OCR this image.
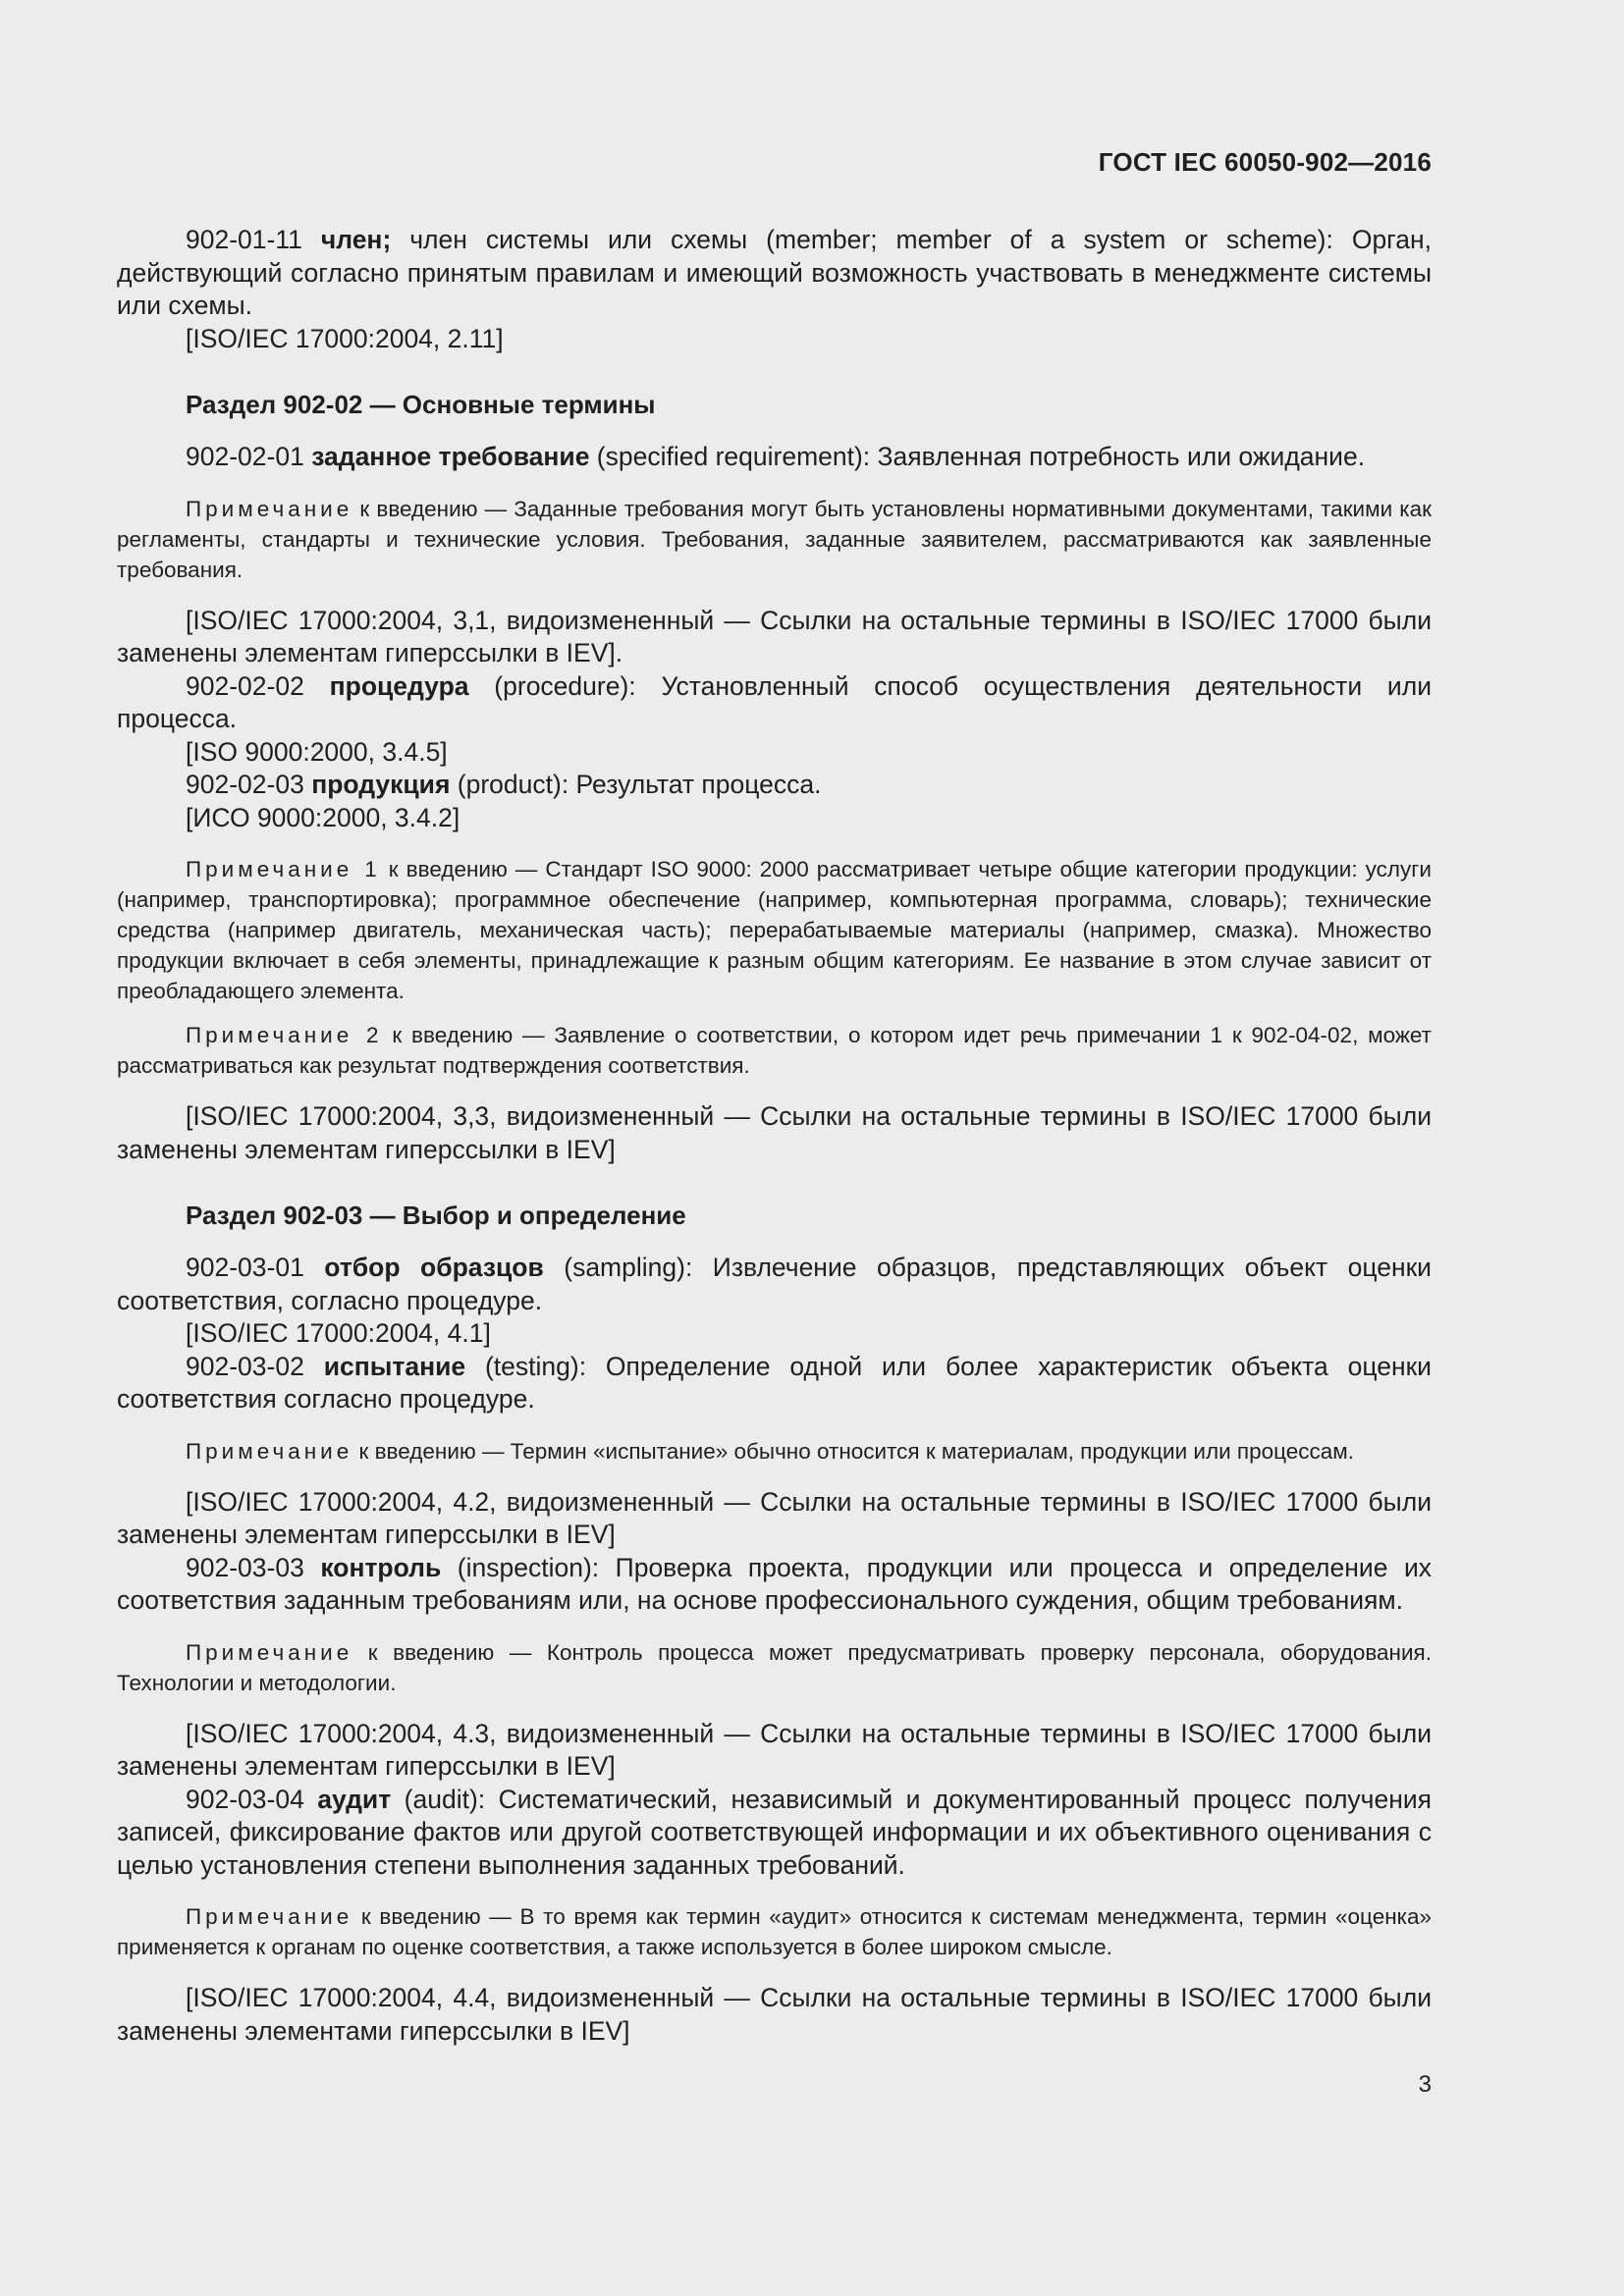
ГОСТ IEC 60050-902—2016

902-01-11 член; член системы или схемы (member; member of a system or scheme): Орган, действующий согласно принятым правилам и имеющий возможность участвовать в менеджменте системы или схемы.

[ISO/IEC 17000:2004, 2.11]

Раздел 902-02 — Основные термины

902-02-01 заданное требование (specified requirement): Заявленная потребность или ожидание.

Примечание к введению — Заданные требования могут быть установлены нормативными документами, такими как регламенты, стандарты и технические условия. Требования, заданные заявителем, рассматриваются как заявленные требования.

[ISO/IEC 17000:2004, 3,1, видоизмененный — Ссылки на остальные термины в ISO/IEC 17000 были заменены элементам гиперссылки в IEV].

902-02-02 процедура (procedure): Установленный способ осуществления деятельности или процесса.

[ISO 9000:2000, 3.4.5]

902-02-03 продукция (product): Результат процесса.

[ИСО 9000:2000, 3.4.2]

Примечание 1 к введению — Стандарт ISO 9000: 2000 рассматривает четыре общие категории продукции: услуги (например, транспортировка); программное обеспечение (например, компьютерная программа, словарь); технические средства (например двигатель, механическая часть); перерабатываемые материалы (например, смазка). Множество продукции включает в себя элементы, принадлежащие к разным общим категориям. Ее название в этом случае зависит от преобладающего элемента.

Примечание 2 к введению — Заявление о соответствии, о котором идет речь примечании 1 к 902-04-02, может рассматриваться как результат подтверждения соответствия.

[ISO/IEC 17000:2004, 3,3, видоизмененный — Ссылки на остальные термины в ISO/IEC 17000 были заменены элементам гиперссылки в IEV]

Раздел 902-03 — Выбор и определение

902-03-01 отбор образцов (sampling): Извлечение образцов, представляющих объект оценки соответствия, согласно процедуре.

[ISO/IEC 17000:2004, 4.1]

902-03-02 испытание (testing): Определение одной или более характеристик объекта оценки соответствия согласно процедуре.

Примечание к введению — Термин «испытание» обычно относится к материалам, продукции или процессам.

[ISO/IEC 17000:2004, 4.2, видоизмененный — Ссылки на остальные термины в ISO/IEC 17000 были заменены элементам гиперссылки в IEV]

902-03-03 контроль (inspection): Проверка проекта, продукции или процесса и определение их соответствия заданным требованиям или, на основе профессионального суждения, общим требованиям.

Примечание к введению — Контроль процесса может предусматривать проверку персонала, оборудования. Технологии и методологии.

[ISO/IEC 17000:2004, 4.3, видоизмененный — Ссылки на остальные термины в ISO/IEC 17000 были заменены элементам гиперссылки в IEV]

902-03-04 аудит (audit): Систематический, независимый и документированный процесс получения записей, фиксирование фактов или другой соответствующей информации и их объективного оценивания с целью установления степени выполнения заданных требований.

Примечание к введению — В то время как термин «аудит» относится к системам менеджмента, термин «оценка» применяется к органам по оценке соответствия, а также используется в более широком смысле.

[ISO/IEC 17000:2004, 4.4, видоизмененный — Ссылки на остальные термины в ISO/IEC 17000 были заменены элементами гиперссылки в IEV]

3
